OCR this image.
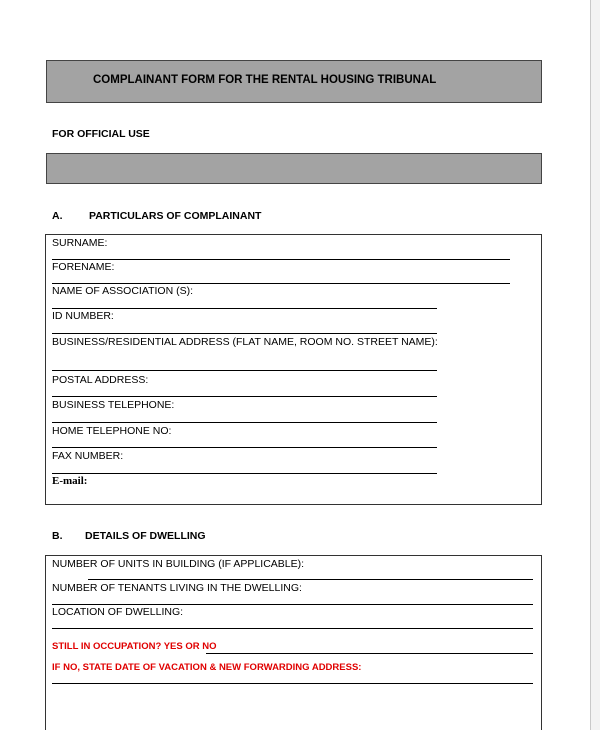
COMPLAINANT FORM FOR THE RENTAL HOUSING TRIBUNAL
FOR OFFICIAL USE
A.	PARTICULARS OF COMPLAINANT
SURNAME:
FORENAME:
NAME OF ASSOCIATION (S):
ID NUMBER:
BUSINESS/RESIDENTIAL ADDRESS (FLAT NAME, ROOM NO. STREET NAME):
POSTAL ADDRESS:
BUSINESS TELEPHONE:
HOME TELEPHONE NO:
FAX NUMBER:
E-mail:
B. DETAILS OF DWELLING
NUMBER OF UNITS IN BUILDING (IF APPLICABLE):
NUMBER OF TENANTS LIVING IN THE DWELLING:
LOCATION OF DWELLING:
STILL IN OCCUPATION? YES OR NO
IF NO, STATE DATE OF VACATION & NEW FORWARDING ADDRESS:
